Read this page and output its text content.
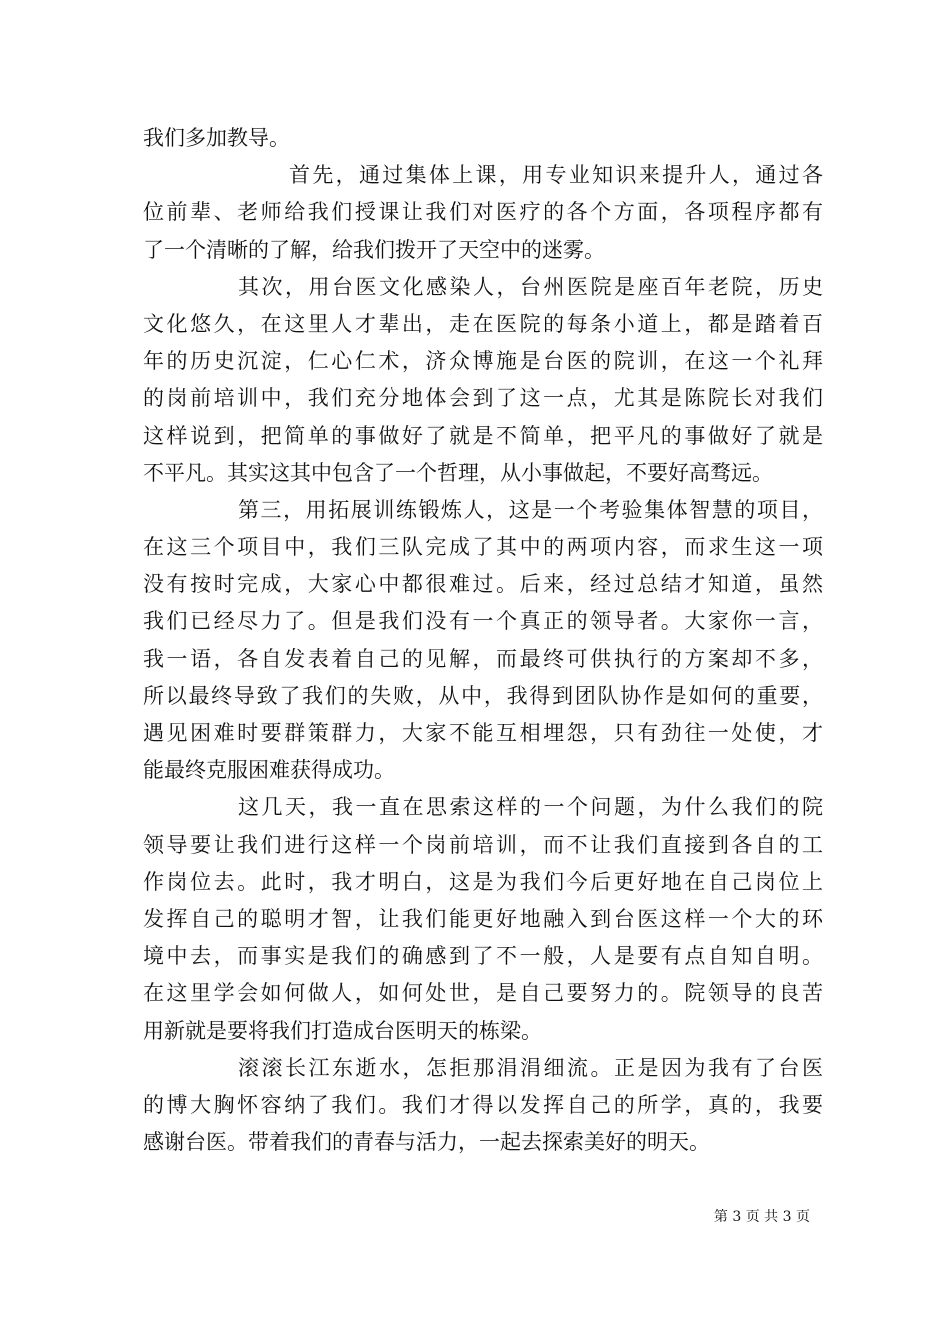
我们多加教导。
首先，通过集体上课，用专业知识来提升人，通过各
位前辈、老师给我们授课让我们对医疗的各个方面，各项程序都有
了一个清晰的了解，给我们拨开了天空中的迷雾。
其次，用台医文化感染人，台州医院是座百年老院，历史
文化悠久，在这里人才辈出，走在医院的每条小道上，都是踏着百
年的历史沉淀，仁心仁术，济众博施是台医的院训，在这一个礼拜
的岗前培训中，我们充分地体会到了这一点，尤其是陈院长对我们
这样说到，把简单的事做好了就是不简单，把平凡的事做好了就是
不平凡。其实这其中包含了一个哲理，从小事做起，不要好高骛远。
第三，用拓展训练锻炼人，这是一个考验集体智慧的项目，
在这三个项目中，我们三队完成了其中的两项内容，而求生这一项
没有按时完成，大家心中都很难过。后来，经过总结才知道，虽然
我们已经尽力了。但是我们没有一个真正的领导者。大家你一言，
我一语，各自发表着自己的见解，而最终可供执行的方案却不多，
所以最终导致了我们的失败，从中，我得到团队协作是如何的重要，
遇见困难时要群策群力，大家不能互相埋怨，只有劲往一处使，才
能最终克服困难获得成功。
这几天，我一直在思索这样的一个问题，为什么我们的院
领导要让我们进行这样一个岗前培训，而不让我们直接到各自的工
作岗位去。此时，我才明白，这是为我们今后更好地在自己岗位上
发挥自己的聪明才智，让我们能更好地融入到台医这样一个大的环
境中去，而事实是我们的确感到了不一般，人是要有点自知自明。
在这里学会如何做人，如何处世，是自己要努力的。院领导的良苦
用新就是要将我们打造成台医明天的栋梁。
滚滚长江东逝水，怎拒那涓涓细流。正是因为我有了台医
的博大胸怀容纳了我们。我们才得以发挥自己的所学，真的，我要
感谢台医。带着我们的青春与活力，一起去探索美好的明天。
第 3 页 共 3 页
